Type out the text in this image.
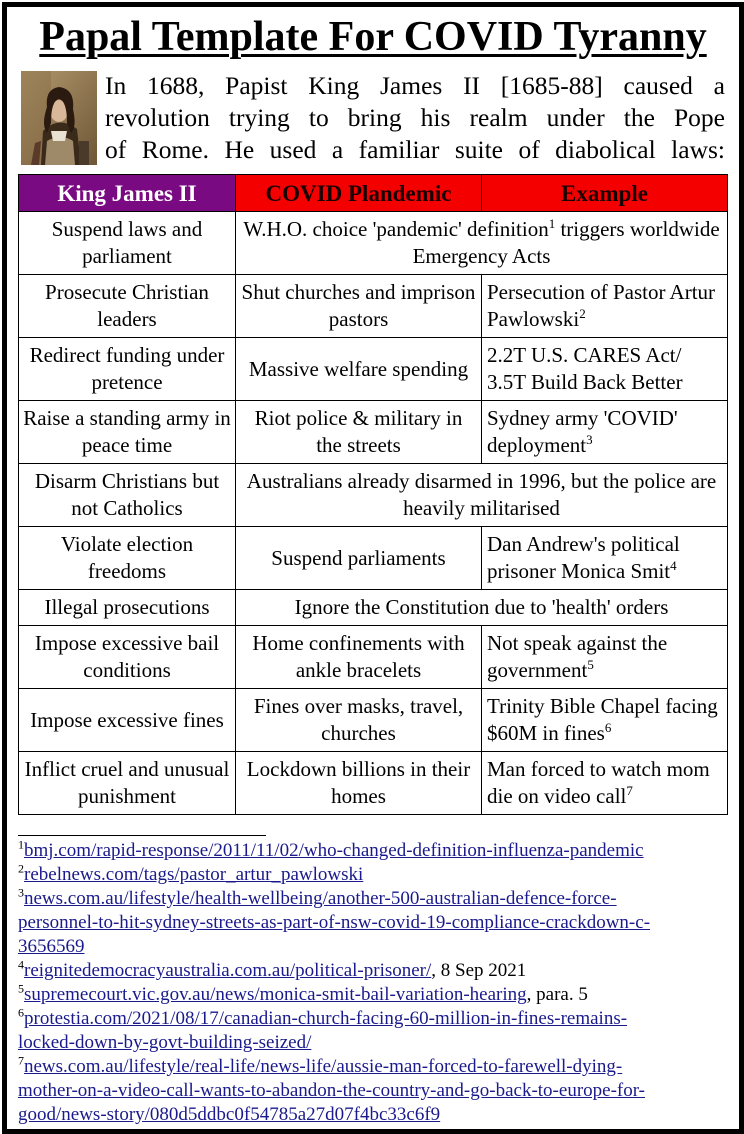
Papal Template For COVID Tyranny
In 1688, Papist King James II [1685-88] caused a
revolution trying to bring his realm under the Pope
of Rome. He used a familiar suite of diabolical laws:
King James II	COVID Plandemic	Example
Suspend laws and parliament	W.H.O. choice 'pandemic' definition$^1$ triggers worldwide Emergency Acts	
Prosecute Christian leaders	Shut churches and imprison pastors	Persecution of Pastor Artur Pawlowski$^2$
Redirect funding under pretence	Massive welfare spending	2.2T U.S. CARES Act/ 3.5T Build Back Better
Raise a standing army in peace time	Riot police & military in the streets	Sydney army 'COVID' deployment$^3$
Disarm Christians but not Catholics	Australians already disarmed in 1996, but the police are heavily militarised	
Violate election freedoms	Suspend parliaments	Dan Andrew's political prisoner Monica Smit$^4$
Illegal prosecutions	Ignore the Constitution due to 'health' orders	
Impose excessive bail conditions	Home confinements with ankle bracelets	Not speak against the government$^5$
Impose excessive fines	Fines over masks, travel, churches	Trinity Bible Chapel facing $60M in fines$^6$
Inflict cruel and unusual punishment	Lockdown billions in their homes	Man forced to watch mom die on video call$^7$
$^1$bmj.com/rapid-response/2011/11/02/who-changed-definition-influenza-pandemic
$^2$rebelnews.com/tags/pastor_artur_pawlowski
$^3$news.com.au/lifestyle/health-wellbeing/another-500-australian-defence-force-
personnel-to-hit-sydney-streets-as-part-of-nsw-covid-19-compliance-crackdown-c-
3656569
$^4$reignitedemocracyaustralia.com.au/political-prisoner/, 8 Sep 2021
$^5$supremecourt.vic.gov.au/news/monica-smit-bail-variation-hearing, para. 5
$^6$protestia.com/2021/08/17/canadian-church-facing-60-million-in-fines-remains-
locked-down-by-govt-building-seized/
$^7$news.com.au/lifestyle/real-life/news-life/aussie-man-forced-to-farewell-dying-
mother-on-a-video-call-wants-to-abandon-the-country-and-go-back-to-europe-for-
good/news-story/080d5ddbc0f54785a27d07f4bc33c6f9
